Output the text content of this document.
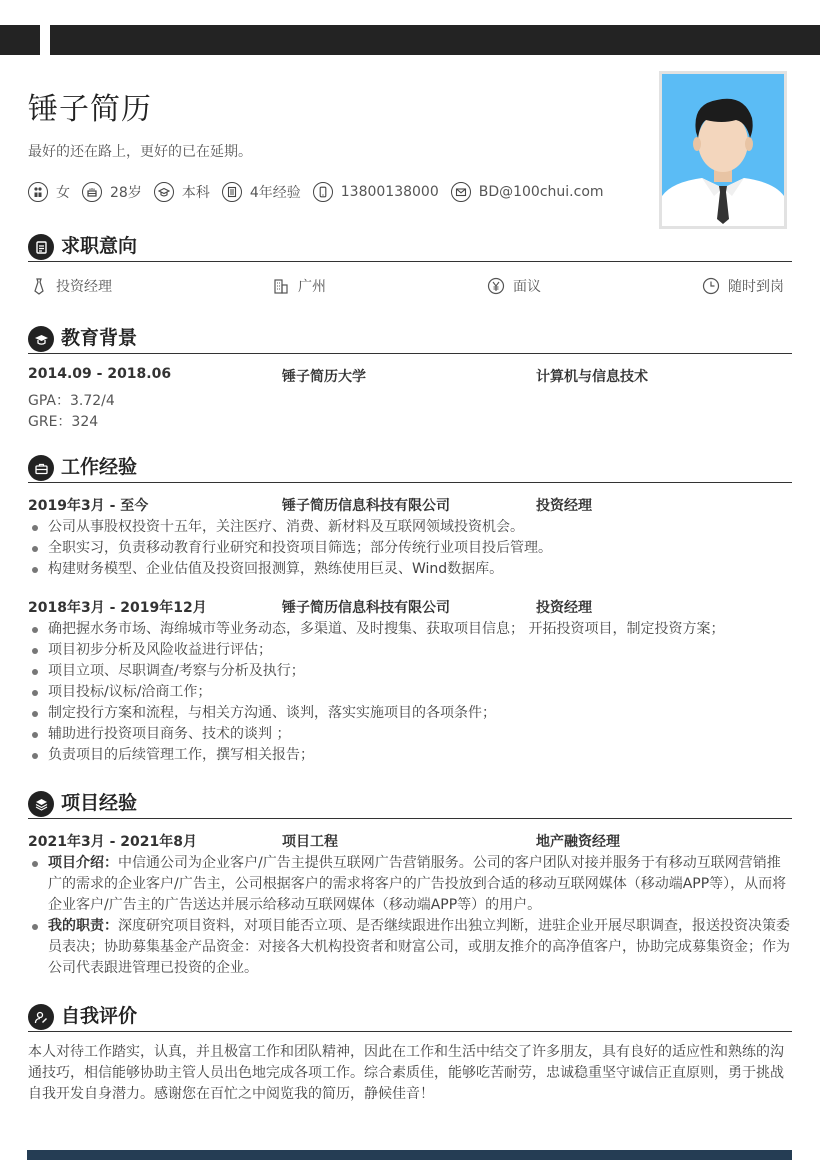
锤子简历
最好的还在路上，更好的已在延期。
女	28岁	本科	4年经验	13800138000	BD@100chui.com
求职意向
投资经理	广州	面议	随时到岗
教育背景
2014.09 - 2018.06	锤子简历大学	计算机与信息技术
GPA：3.72/4
GRE：324
工作经验
2019年3月 - 至今	锤子简历信息科技有限公司	投资经理
公司从事股权投资十五年，关注医疗、消费、新材料及互联网领域投资机会。
全职实习，负责移动教育行业研究和投资项目筛选；部分传统行业项目投后管理。
构建财务模型、企业估值及投资回报测算，熟练使用巨灵、Wind数据库。
2018年3月 - 2019年12月	锤子简历信息科技有限公司	投资经理
确把握水务市场、海绵城市等业务动态，多渠道、及时搜集、获取项目信息； 开拓投资项目，制定投资方案；
项目初步分析及风险收益进行评估；
项目立项、尽职调查/考察与分析及执行；
项目投标/议标/洽商工作；
制定投行方案和流程，与相关方沟通、谈判，落实实施项目的各项条件；
辅助进行投资项目商务、技术的谈判 ；
负责项目的后续管理工作，撰写相关报告；
项目经验
2021年3月 - 2021年8月	项目工程	地产融资经理
项目介绍：中信通公司为企业客户/广告主提供互联网广告营销服务。公司的客户团队对接并服务于有移动互联网营销推广的需求的企业客户/广告主，公司根据客户的需求将客户的广告投放到合适的移动互联网媒体（移动端APP等），从而将企业客户/广告主的广告送达并展示给移动互联网媒体（移动端APP等）的用户。
我的职责：深度研究项目资料，对项目能否立项、是否继续跟进作出独立判断，进驻企业开展尽职调查，报送投资决策委员表决；协助募集基金产品资金：对接各大机构投资者和财富公司，或朋友推介的高净值客户，协助完成募集资金；作为公司代表跟进管理已投资的企业。
自我评价
本人对待工作踏实，认真，并且极富工作和团队精神，因此在工作和生活中结交了许多朋友，具有良好的适应性和熟练的沟通技巧，相信能够协助主管人员出色地完成各项工作。综合素质佳，能够吃苦耐劳，忠诚稳重坚守诚信正直原则，勇于挑战自我开发自身潜力。感谢您在百忙之中阅览我的简历，静候佳音！
